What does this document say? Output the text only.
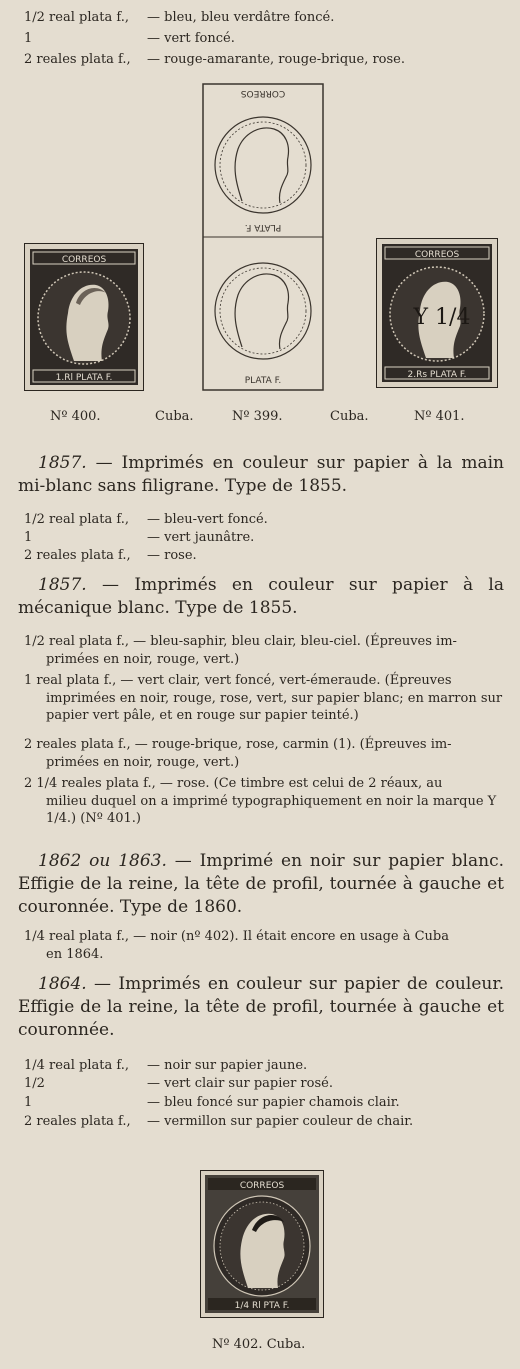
1/2 real plata f., — bleu, bleu verdâtre foncé.
1	— vert foncé.
2 reales plata f., — rouge-amarante, rouge-brique, rose.
CORREOS
1.Rl PLATA F.
CORREOS
PLATA F.
PLATA F.
CORREOS
Y 1/4
2.Rs PLATA F.
Nº 400.	Cuba.	Nº 399.	Cuba.	Nº 401.
1857. — Imprimés en couleur sur papier à la main mi-blanc sans filigrane. Type de 1855.
1/2 real plata f., — bleu-vert foncé.
1	— vert jaunâtre.
2 reales plata f., — rose.
1857. — Imprimés en couleur sur papier à la mécanique blanc. Type de 1855.
1/2 real plata f., — bleu-saphir, bleu clair, bleu-ciel. (Épreuves im-
primées en noir, rouge, vert.)
1 real plata f., — vert clair, vert foncé, vert-émeraude. (Épreuves
imprimées en noir, rouge, rose, vert, sur papier blanc; en marron sur papier vert pâle, et en rouge sur papier teinté.)
2 reales plata f., — rouge-brique, rose, carmin (1). (Épreuves im-
primées en noir, rouge, vert.)
2 1/4 reales plata f., — rose. (Ce timbre est celui de 2 réaux, au
milieu duquel on a imprimé typographiquement en noir la marque Y 1/4.) (Nº 401.)
1862 ou 1863. — Imprimé en noir sur papier blanc. Effigie de la reine, la tête de profil, tournée à gauche et couronnée. Type de 1860.
1/4 real plata f., — noir (nº 402). Il était encore en usage à Cuba
en 1864.
1864. — Imprimés en couleur sur papier de couleur. Effigie de la reine, la tête de profil, tournée à gauche et couronnée.
1/4 real plata f., — noir sur papier jaune.
1/2	— vert clair sur papier rosé.
1	— bleu foncé sur papier chamois clair.
2 reales plata f., — vermillon sur papier couleur de chair.
CORREOS
1/4 Rl PTA F.
Nº 402. Cuba.
